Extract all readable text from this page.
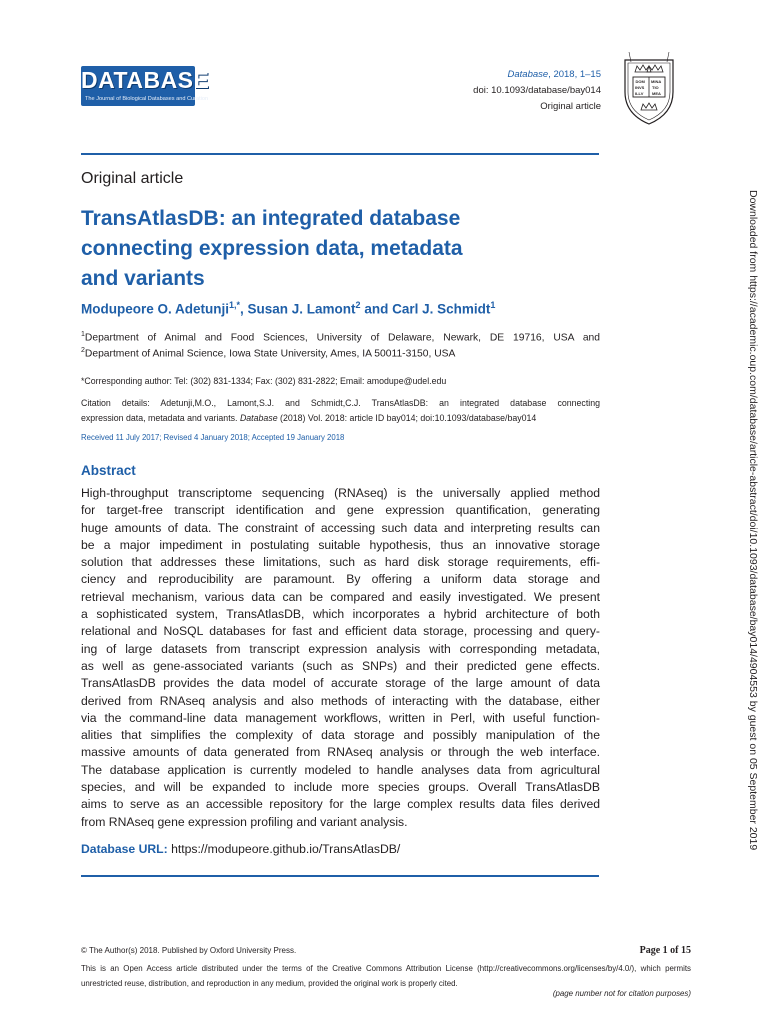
DATABASE
The Journal of Biological Databases and Curation
Database, 2018, 1–15
doi: 10.1093/database/bay014
Original article
DOM
INVS
ILLV
MINA
TIO
MEA
Original article
TransAtlasDB: an integrated database
connecting expression data, metadata
and variants
Modupeore O. Adetunji$^{1,*}$, Susan J. Lamont$^2$ and Carl J. Schmidt$^1$
$^1$Department of Animal and Food Sciences, University of Delaware, Newark, DE 19716, USA and
$^2$Department of Animal Science, Iowa State University, Ames, IA 50011-3150, USA
*Corresponding author: Tel: (302) 831-1334; Fax: (302) 831-2822; Email: amodupe@udel.edu
Citation details: Adetunji,M.O., Lamont,S.J. and Schmidt,C.J. TransAtlasDB: an integrated database connecting
expression data, metadata and variants. Database (2018) Vol. 2018: article ID bay014; doi:10.1093/database/bay014
Received 11 July 2017; Revised 4 January 2018; Accepted 19 January 2018
Abstract
High-throughput transcriptome sequencing (RNAseq) is the universally applied method
for target-free transcript identification and gene expression quantification, generating
huge amounts of data. The constraint of accessing such data and interpreting results can
be a major impediment in postulating suitable hypothesis, thus an innovative storage
solution that addresses these limitations, such as hard disk storage requirements, effi-
ciency and reproducibility are paramount. By offering a uniform data storage and
retrieval mechanism, various data can be compared and easily investigated. We present
a sophisticated system, TransAtlasDB, which incorporates a hybrid architecture of both
relational and NoSQL databases for fast and efficient data storage, processing and query-
ing of large datasets from transcript expression analysis with corresponding metadata,
as well as gene-associated variants (such as SNPs) and their predicted gene effects.
TransAtlasDB provides the data model of accurate storage of the large amount of data
derived from RNAseq analysis and also methods of interacting with the database, either
via the command-line data management workflows, written in Perl, with useful function-
alities that simplifies the complexity of data storage and possibly manipulation of the
massive amounts of data generated from RNAseq analysis or through the web interface.
The database application is currently modeled to handle analyses data from agricultural
species, and will be expanded to include more species groups. Overall TransAtlasDB
aims to serve as an accessible repository for the large complex results data files derived
from RNAseq gene expression profiling and variant analysis.
Database URL: https://modupeore.github.io/TransAtlasDB/	Downloaded from https://academic.oup.com/database/article-abstract/doi/10.1093/database/bay014/4904553 by guest on 05 September 2019
© The Author(s) 2018. Published by Oxford University Press.	Page 1 of 15
This is an Open Access article distributed under the terms of the Creative Commons Attribution License (http://creativecommons.org/licenses/by/4.0/), which permits
unrestricted reuse, distribution, and reproduction in any medium, provided the original work is properly cited.
(page number not for citation purposes)
